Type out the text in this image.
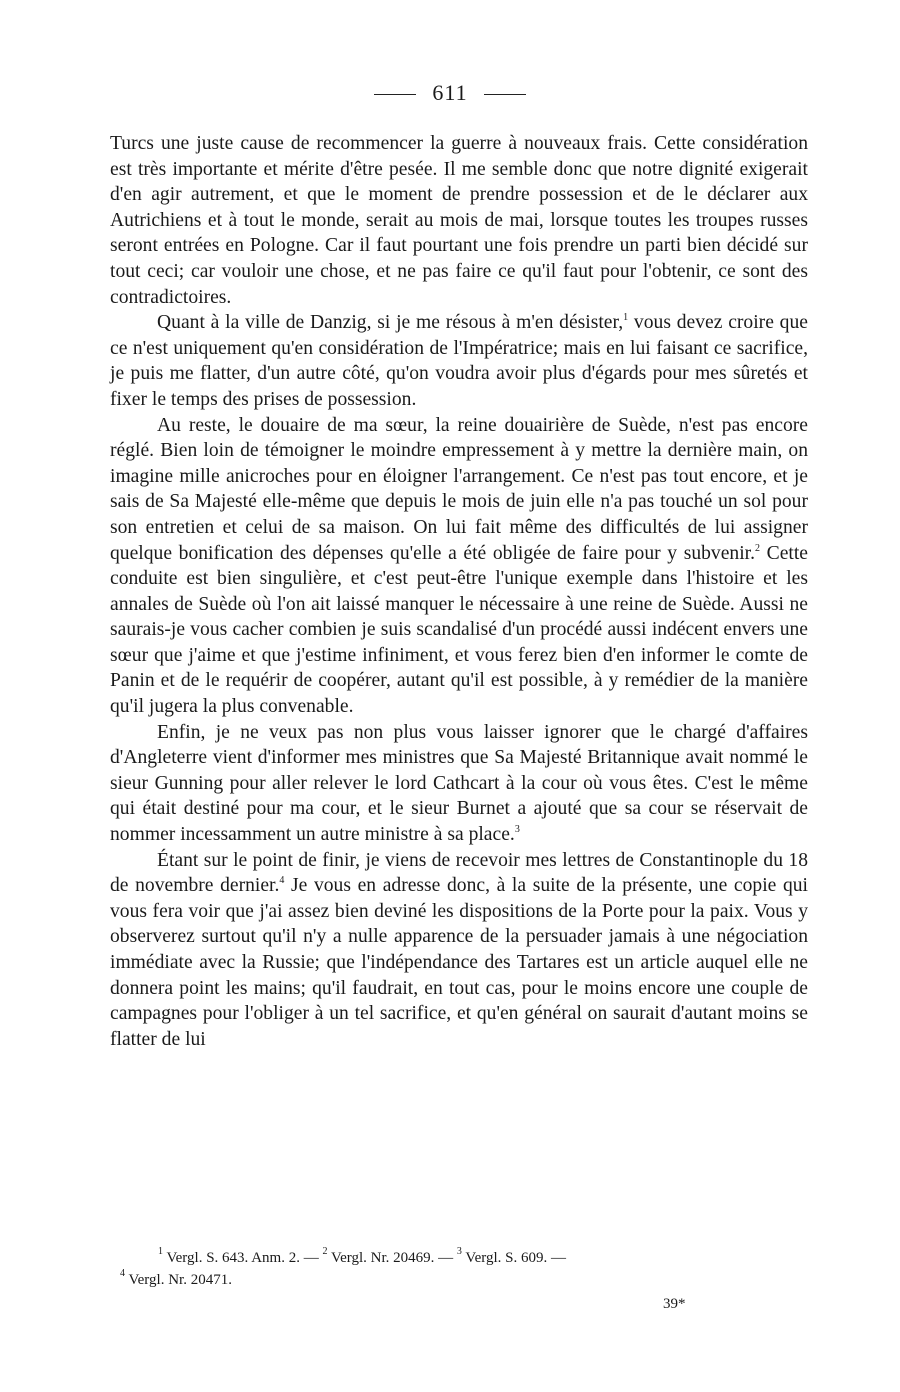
611

Turcs une juste cause de recommencer la guerre à nouveaux frais. Cette considération est très importante et mérite d'être pesée. Il me semble donc que notre dignité exigerait d'en agir autrement, et que le moment de prendre possession et de le déclarer aux Autrichiens et à tout le monde, serait au mois de mai, lorsque toutes les troupes russes seront entrées en Pologne. Car il faut pourtant une fois prendre un parti bien décidé sur tout ceci; car vouloir une chose, et ne pas faire ce qu'il faut pour l'obtenir, ce sont des contradictoires.

Quant à la ville de Danzig, si je me résous à m'en désister,$^1$ vous devez croire que ce n'est uniquement qu'en considération de l'Impératrice; mais en lui faisant ce sacrifice, je puis me flatter, d'un autre côté, qu'on voudra avoir plus d'égards pour mes sûretés et fixer le temps des prises de possession.

Au reste, le douaire de ma sœur, la reine douairière de Suède, n'est pas encore réglé. Bien loin de témoigner le moindre empressement à y mettre la dernière main, on imagine mille anicroches pour en éloigner l'arrangement. Ce n'est pas tout encore, et je sais de Sa Majesté elle-même que depuis le mois de juin elle n'a pas touché un sol pour son entretien et celui de sa maison. On lui fait même des difficultés de lui assigner quelque bonification des dépenses qu'elle a été obligée de faire pour y subvenir.$^2$ Cette conduite est bien singulière, et c'est peut-être l'unique exemple dans l'histoire et les annales de Suède où l'on ait laissé manquer le nécessaire à une reine de Suède. Aussi ne saurais-je vous cacher combien je suis scandalisé d'un procédé aussi indécent envers une sœur que j'aime et que j'estime infiniment, et vous ferez bien d'en informer le comte de Panin et de le requérir de coopérer, autant qu'il est possible, à y remédier de la manière qu'il jugera la plus convenable.

Enfin, je ne veux pas non plus vous laisser ignorer que le chargé d'affaires d'Angleterre vient d'informer mes ministres que Sa Majesté Britannique avait nommé le sieur Gunning pour aller relever le lord Cathcart à la cour où vous êtes. C'est le même qui était destiné pour ma cour, et le sieur Burnet a ajouté que sa cour se réservait de nommer incessamment un autre ministre à sa place.$^3$

Étant sur le point de finir, je viens de recevoir mes lettres de Constantinople du 18 de novembre dernier.$^4$ Je vous en adresse donc, à la suite de la présente, une copie qui vous fera voir que j'ai assez bien deviné les dispositions de la Porte pour la paix. Vous y observerez surtout qu'il n'y a nulle apparence de la persuader jamais à une négociation immédiate avec la Russie; que l'indépendance des Tartares est un article auquel elle ne donnera point les mains; qu'il faudrait, en tout cas, pour le moins encore une couple de campagnes pour l'obliger à un tel sacrifice, et qu'en général on saurait d'autant moins se flatter de lui

$^1$ Vergl. S. 643. Anm. 2. — $^2$ Vergl. Nr. 20469. — $^3$ Vergl. S. 609. —
$^4$ Vergl. Nr. 20471.
39*
